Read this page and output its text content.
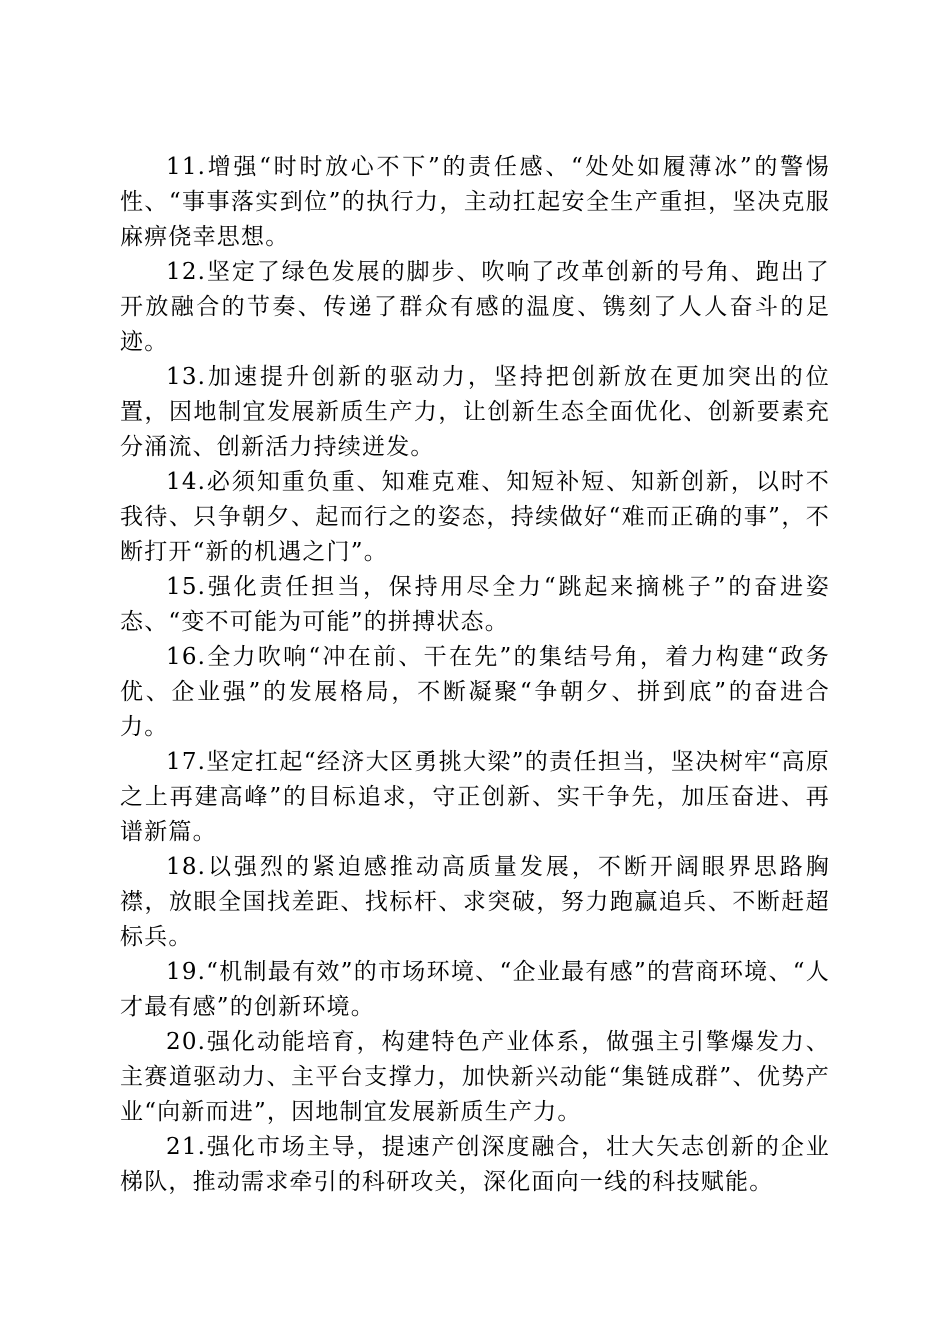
11.增强“时时放心不下”的责任感、“处处如履薄冰”的警惕性、“事事落实到位”的执行力，主动扛起安全生产重担，坚决克服麻痹侥幸思想。

12.坚定了绿色发展的脚步、吹响了改革创新的号角、跑出了开放融合的节奏、传递了群众有感的温度、镌刻了人人奋斗的足迹。

13.加速提升创新的驱动力，坚持把创新放在更加突出的位置，因地制宜发展新质生产力，让创新生态全面优化、创新要素充分涌流、创新活力持续迸发。

14.必须知重负重、知难克难、知短补短、知新创新，以时不我待、只争朝夕、起而行之的姿态，持续做好“难而正确的事”，不断打开“新的机遇之门”。

15.强化责任担当，保持用尽全力“跳起来摘桃子”的奋进姿态、“变不可能为可能”的拼搏状态。

16.全力吹响“冲在前、干在先”的集结号角，着力构建“政务优、企业强”的发展格局，不断凝聚“争朝夕、拼到底”的奋进合力。

17.坚定扛起“经济大区勇挑大梁”的责任担当，坚决树牢“高原之上再建高峰”的目标追求，守正创新、实干争先，加压奋进、再谱新篇。

18.以强烈的紧迫感推动高质量发展，不断开阔眼界思路胸襟，放眼全国找差距、找标杆、求突破，努力跑赢追兵、不断赶超标兵。

19.“机制最有效”的市场环境、“企业最有感”的营商环境、“人才最有感”的创新环境。

20.强化动能培育，构建特色产业体系，做强主引擎爆发力、主赛道驱动力、主平台支撑力，加快新兴动能“集链成群”、优势产业“向新而进”，因地制宜发展新质生产力。

21.强化市场主导，提速产创深度融合，壮大矢志创新的企业梯队，推动需求牵引的科研攻关，深化面向一线的科技赋能。
